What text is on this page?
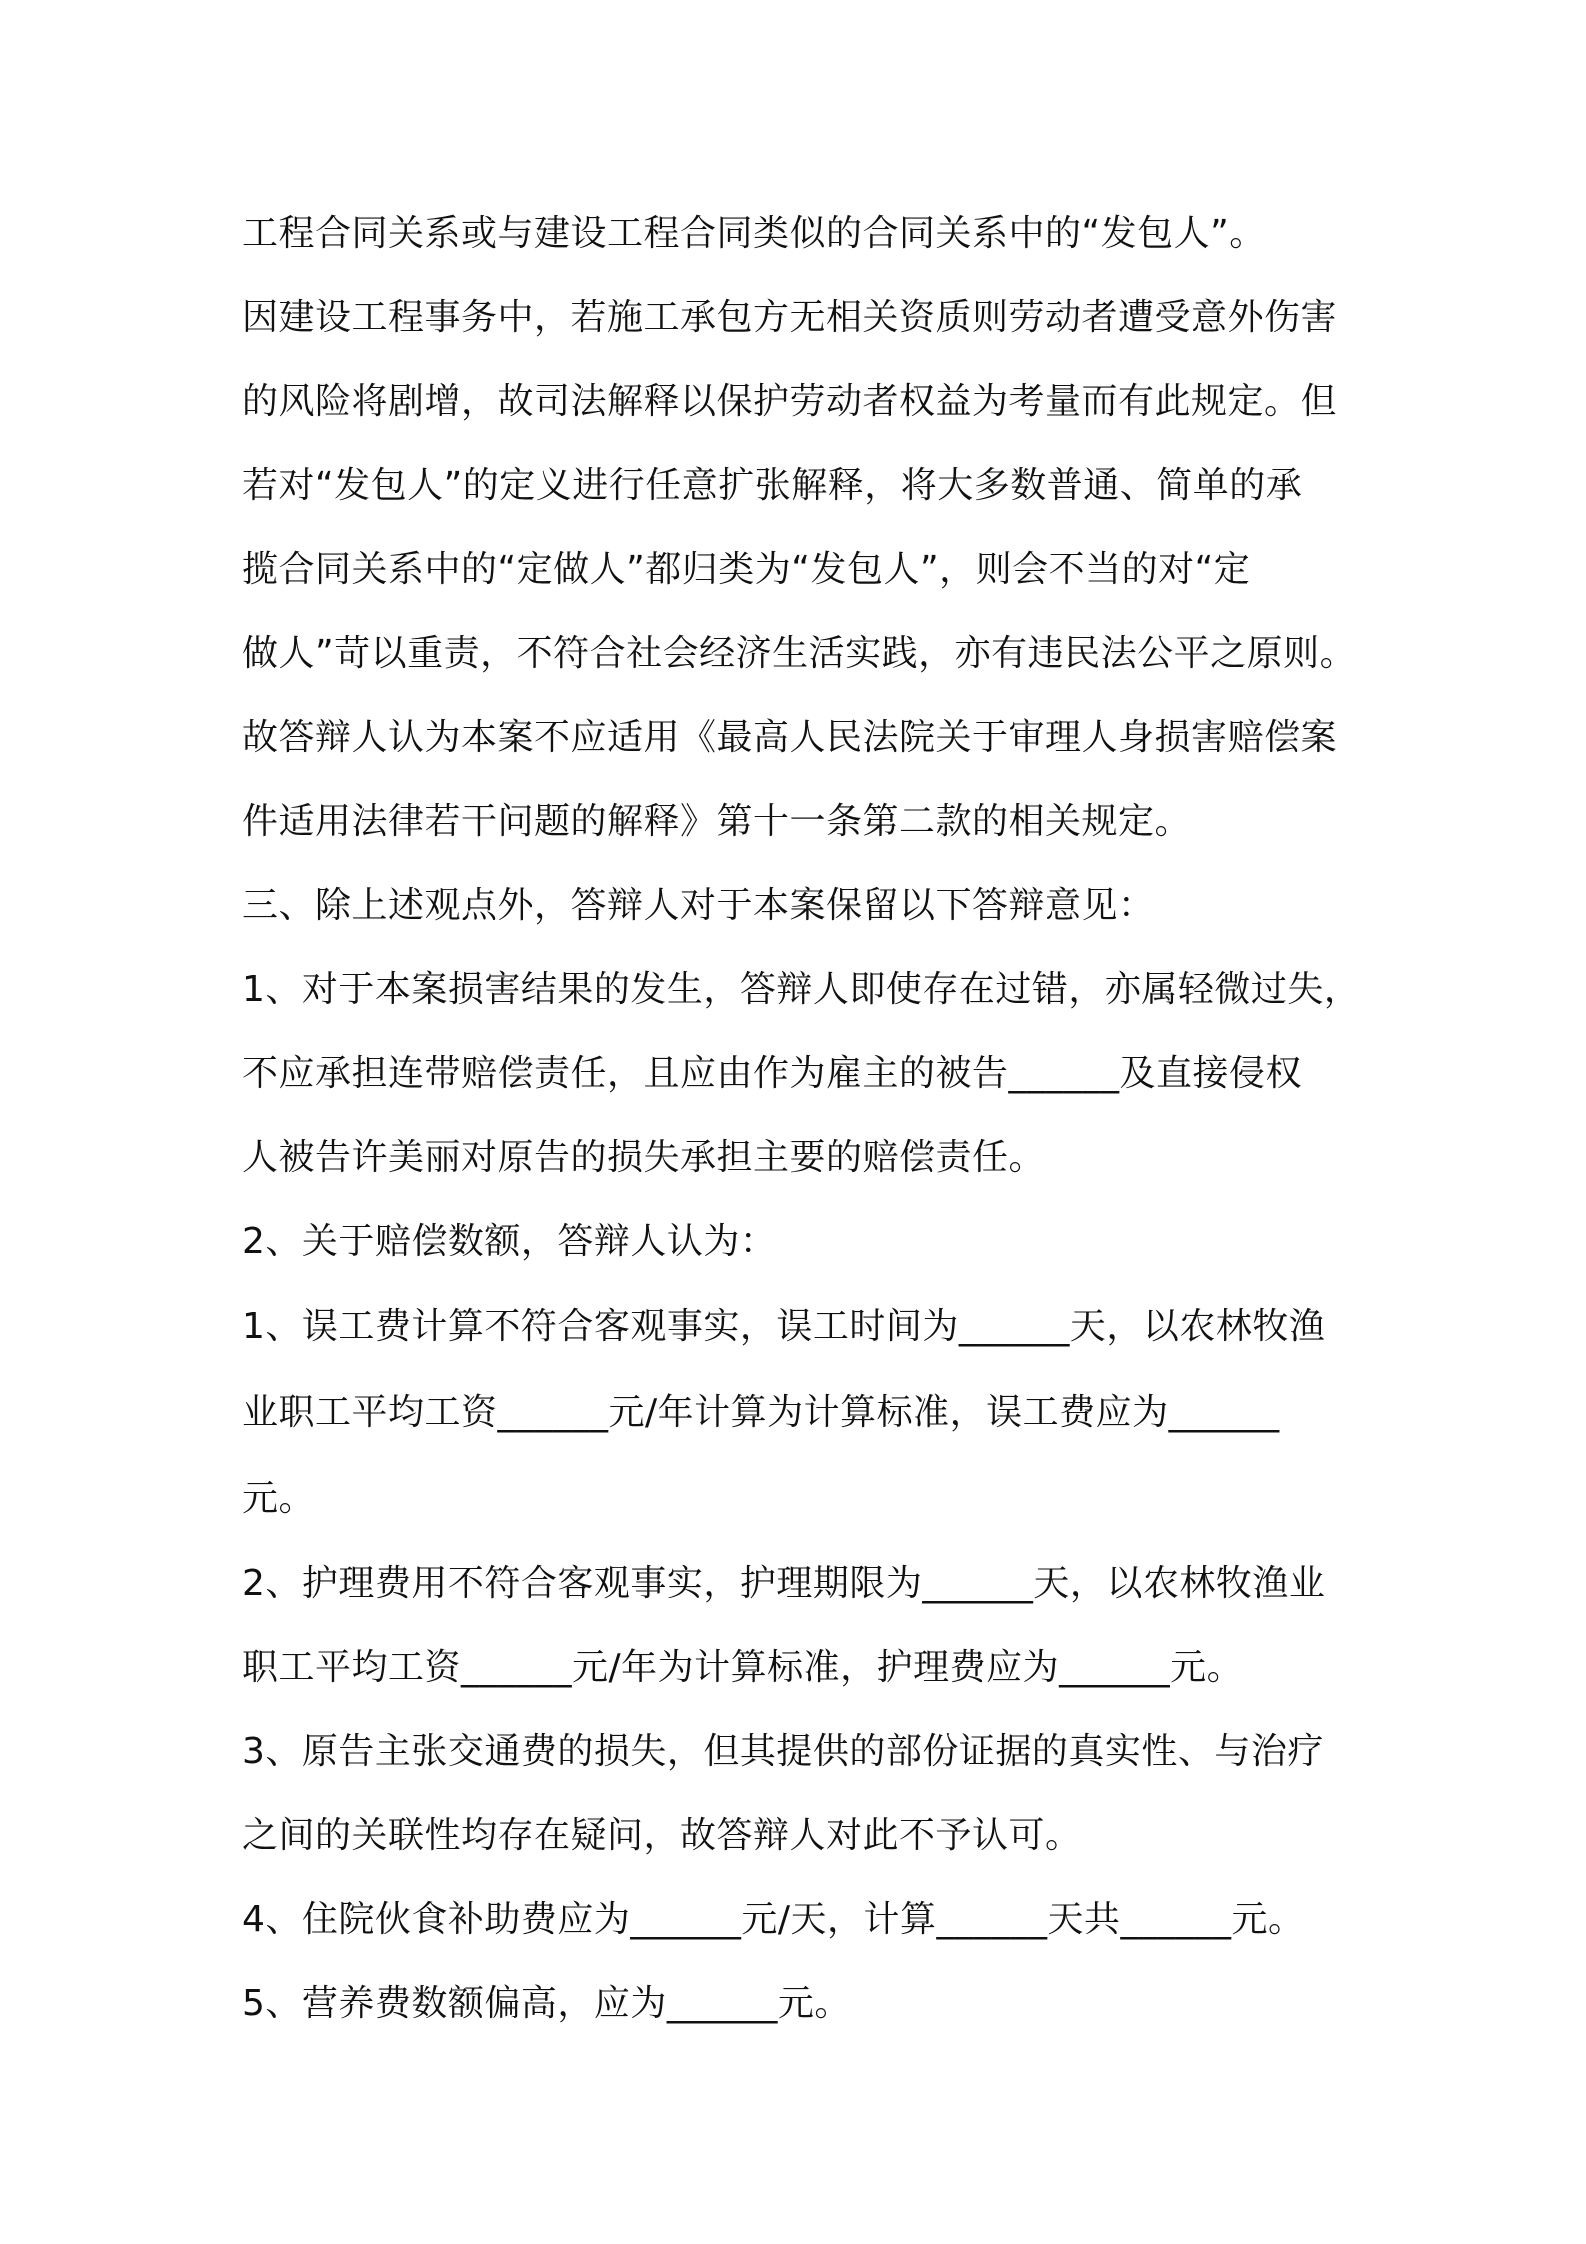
工程合同关系或与建设工程合同类似的合同关系中的“发包人”。
因建设工程事务中，若施工承包方无相关资质则劳动者遭受意外伤害
的风险将剧增，故司法解释以保护劳动者权益为考量而有此规定。但
若对“发包人”的定义进行任意扩张解释，将大多数普通、简单的承
揽合同关系中的“定做人”都归类为“发包人”，则会不当的对“定
做人”苛以重责，不符合社会经济生活实践，亦有违民法公平之原则。
故答辩人认为本案不应适用《最高人民法院关于审理人身损害赔偿案
件适用法律若干问题的解释》第十一条第二款的相关规定。
三、除上述观点外，答辩人对于本案保留以下答辩意见：
1、对于本案损害结果的发生，答辩人即使存在过错，亦属轻微过失，
不应承担连带赔偿责任，且应由作为雇主的被告______及直接侵权
人被告许美丽对原告的损失承担主要的赔偿责任。
2、关于赔偿数额，答辩人认为：
1、误工费计算不符合客观事实，误工时间为______天，以农林牧渔
业职工平均工资______元/年计算为计算标准，误工费应为______
元。
2、护理费用不符合客观事实，护理期限为______天，以农林牧渔业
职工平均工资______元/年为计算标准，护理费应为______元。
3、原告主张交通费的损失，但其提供的部份证据的真实性、与治疗
之间的关联性均存在疑问，故答辩人对此不予认可。
4、住院伙食补助费应为______元/天，计算______天共______元。
5、营养费数额偏高，应为______元。
